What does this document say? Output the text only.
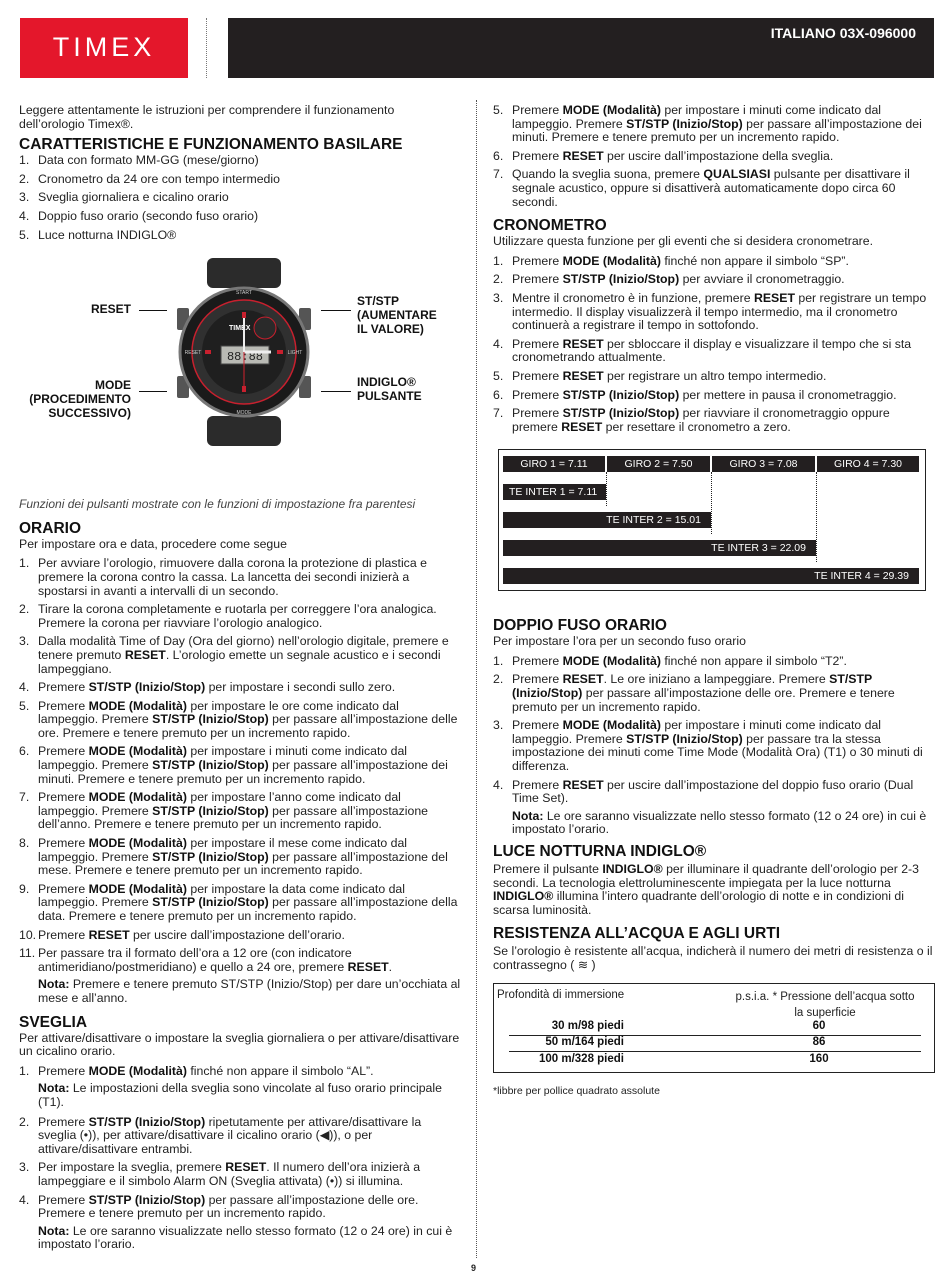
TIMEX	ITALIANO 03X-096000

Leggere attentamente le istruzioni per comprendere il funzionamento dell’orologio Timex®.

CARATTERISTICHE E FUNZIONAMENTO BASILARE
1. Data con formato MM-GG (mese/giorno)
2. Cronometro da 24 ore con tempo intermedio
3. Sveglia giornaliera e cicalino orario
4. Doppio fuso orario (secondo fuso orario)
5. Luce notturna INDIGLO®
RESET
MODE
(PROCEDIMENTO
SUCCESSIVO)
ST/STP
(AUMENTARE
IL VALORE)
INDIGLO®
PULSANTE
START
MODE
RESET	LIGHT
TIMEX
88:88

Funzioni dei pulsanti mostrate con le funzioni di impostazione fra parentesi

ORARIO

Per impostare ora e data, procedere come segue

1. Per avviare l’orologio, rimuovere dalla corona la protezione di plastica e premere la corona contro la cassa. La lancetta dei secondi inizierà a spostarsi in avanti a intervalli di un secondo.
2. Tirare la corona completamente e ruotarla per correggere l’ora analogica. Premere la corona per riavviare l’orologio analogico.
3. Dalla modalità Time of Day (Ora del giorno) nell’orologio digitale, premere e tenere premuto RESET. L’orologio emette un segnale acustico e i secondi lampeggiano.
4. Premere ST/STP (Inizio/Stop) per impostare i secondi sullo zero.
5. Premere MODE (Modalità) per impostare le ore come indicato dal lampeggio. Premere ST/STP (Inizio/Stop) per passare all’impostazione delle ore. Premere e tenere premuto per un incremento rapido.
6. Premere MODE (Modalità) per impostare i minuti come indicato dal lampeggio. Premere ST/STP (Inizio/Stop) per passare all’impostazione dei minuti. Premere e tenere premuto per un incremento rapido.
7. Premere MODE (Modalità) per impostare l’anno come indicato dal lampeggio. Premere ST/STP (Inizio/Stop) per passare all’impostazione dell’anno. Premere e tenere premuto per un incremento rapido.
8. Premere MODE (Modalità) per impostare il mese come indicato dal lampeggio. Premere ST/STP (Inizio/Stop) per passare all’impostazione del mese. Premere e tenere premuto per un incremento rapido.
9. Premere MODE (Modalità) per impostare la data come indicato dal lampeggio. Premere ST/STP (Inizio/Stop) per passare all’impostazione della data. Premere e tenere premuto per un incremento rapido.
10. Premere RESET per uscire dall’impostazione dell’orario.
11. Per passare tra il formato dell’ora a 12 ore (con indicatore antimeridiano/postmeridiano) e quello a 24 ore, premere RESET.

Nota: Premere e tenere premuto ST/STP (Inizio/Stop) per dare un’occhiata al mese e all’anno.

SVEGLIA

Per attivare/disattivare o impostare la sveglia giornaliera o per attivare/disattivare un cicalino orario.

1. Premere MODE (Modalità) finché non appare il simbolo “AL”.

Nota: Le impostazioni della sveglia sono vincolate al fuso orario principale (T1).

2. Premere ST/STP (Inizio/Stop) ripetutamente per attivare/disattivare la sveglia (•)), per attivare/disattivare il cicalino orario (◀)), o per attivare/disattivare entrambi.
3. Per impostare la sveglia, premere RESET. Il numero dell’ora inizierà a lampeggiare e il simbolo Alarm ON (Sveglia attivata) (•)) si illumina.
4. Premere ST/STP (Inizio/Stop) per passare all’impostazione delle ore. Premere e tenere premuto per un incremento rapido.

Nota: Le ore saranno visualizzate nello stesso formato (12 o 24 ore) in cui è impostato l’orario.

5. Premere MODE (Modalità) per impostare i minuti come indicato dal lampeggio. Premere ST/STP (Inizio/Stop) per passare all’impostazione dei minuti. Premere e tenere premuto per un incremento rapido.
6. Premere RESET per uscire dall’impostazione della sveglia.
7. Quando la sveglia suona, premere QUALSIASI pulsante per disattivare il segnale acustico, oppure si disattiverà automaticamente dopo circa 60 secondi.
CRONOMETRO

Utilizzare questa funzione per gli eventi che si desidera cronometrare.

1. Premere MODE (Modalità) finché non appare il simbolo “SP”.
2. Premere ST/STP (Inizio/Stop) per avviare il cronometraggio.
3. Mentre il cronometro è in funzione, premere RESET per registrare un tempo intermedio. Il display visualizzerà il tempo intermedio, ma il cronometro continuerà a registrare il tempo in sottofondo.
4. Premere RESET per sbloccare il display e visualizzare il tempo che si sta cronometrando attualmente.
5. Premere RESET per registrare un altro tempo intermedio.
6. Premere ST/STP (Inizio/Stop) per mettere in pausa il cronometraggio.
7. Premere ST/STP (Inizio/Stop) per riavviare il cronometraggio oppure premere RESET per resettare il cronometro a zero.
GIRO 1 = 7.11	GIRO 2 = 7.50	GIRO 3 = 7.08	GIRO 4 = 7.30
TE INTER 1 = 7.11
TE INTER 2 = 15.01
TE INTER 3 = 22.09
TE INTER 4 = 29.39
DOPPIO FUSO ORARIO

Per impostare l’ora per un secondo fuso orario

1. Premere MODE (Modalità) finché non appare il simbolo “T2”.
2. Premere RESET. Le ore iniziano a lampeggiare. Premere ST/STP (Inizio/Stop) per passare all’impostazione delle ore. Premere e tenere premuto per un incremento rapido.
3. Premere MODE (Modalità) per impostare i minuti come indicato dal lampeggio. Premere ST/STP (Inizio/Stop) per passare tra la stessa impostazione dei minuti come Time Mode (Modalità Ora) (T1) o 30 minuti di differenza.
4. Premere RESET per uscire dall’impostazione del doppio fuso orario (Dual Time Set).

Nota: Le ore saranno visualizzate nello stesso formato (12 o 24 ore) in cui è impostato l’orario.

LUCE NOTTURNA INDIGLO®

Premere il pulsante INDIGLO® per illuminare il quadrante dell’orologio per 2-3 secondi. La tecnologia elettroluminescente impiegata per la luce notturna INDIGLO® illumina l’intero quadrante dell’orologio di notte e in condizioni di scarsa luminosità.

RESISTENZA ALL’ACQUA E AGLI URTI

Se l’orologio è resistente all’acqua, indicherà il numero dei metri di resistenza o il contrassegno ( ≋ )

Profondità di immersione	p.s.i.a. * Pressione dell’acqua sotto la superficie
30 m/98 piedi	60
50 m/164 piedi	86
100 m/328 piedi	160

*libbre per pollice quadrato assolute

9
